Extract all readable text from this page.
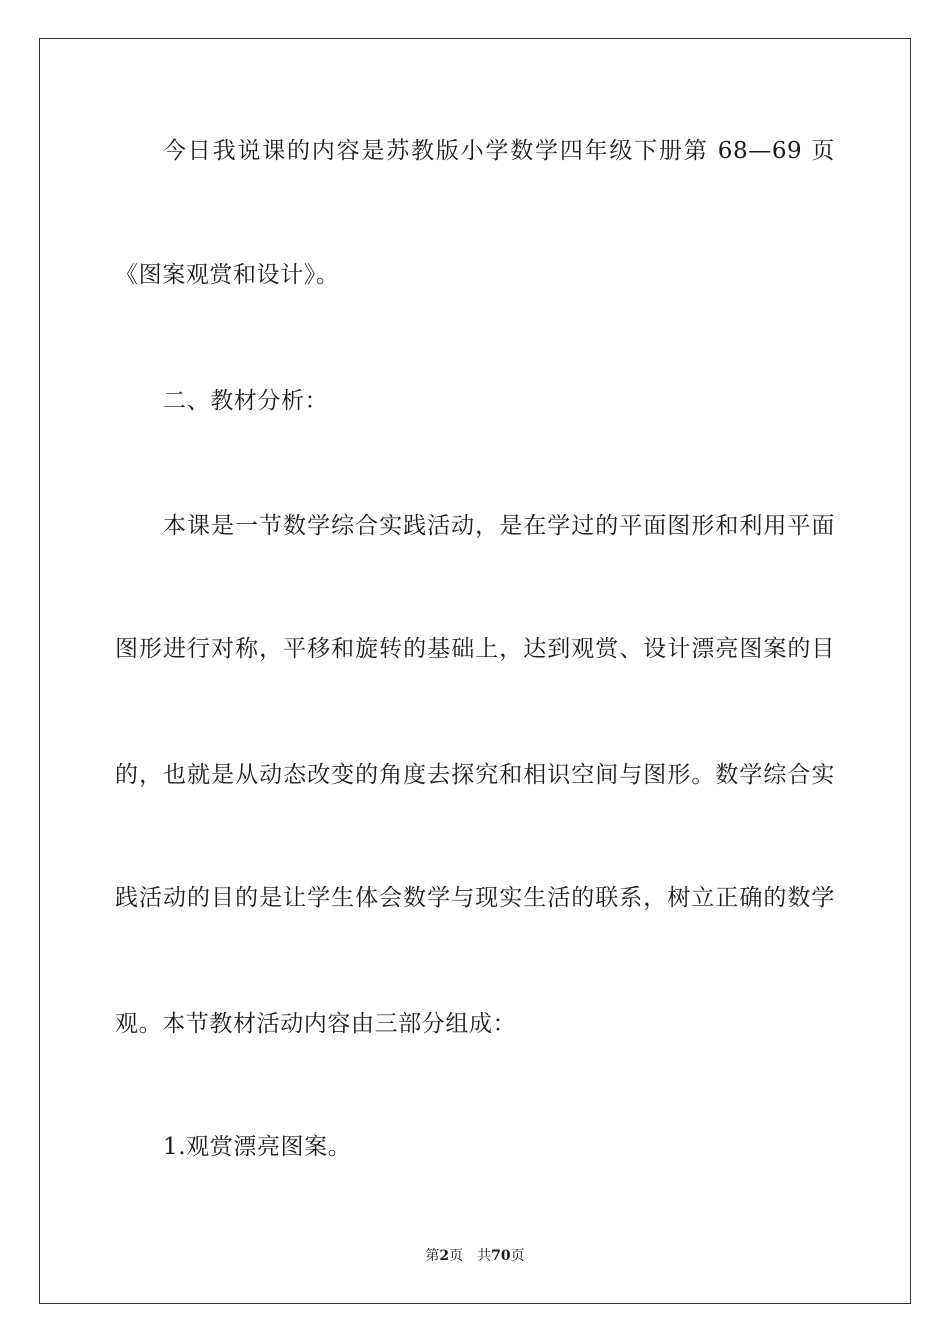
今日我说课的内容是苏教版小学数学四年级下册第 68—69 页
《图案观赏和设计》。
二、教材分析：
本课是一节数学综合实践活动，是在学过的平面图形和利用平面
图形进行对称，平移和旋转的基础上，达到观赏、设计漂亮图案的目
的，也就是从动态改变的角度去探究和相识空间与图形。数学综合实
践活动的目的是让学生体会数学与现实生活的联系，树立正确的数学
观。本节教材活动内容由三部分组成：
1.观赏漂亮图案。
第2页 共70页
